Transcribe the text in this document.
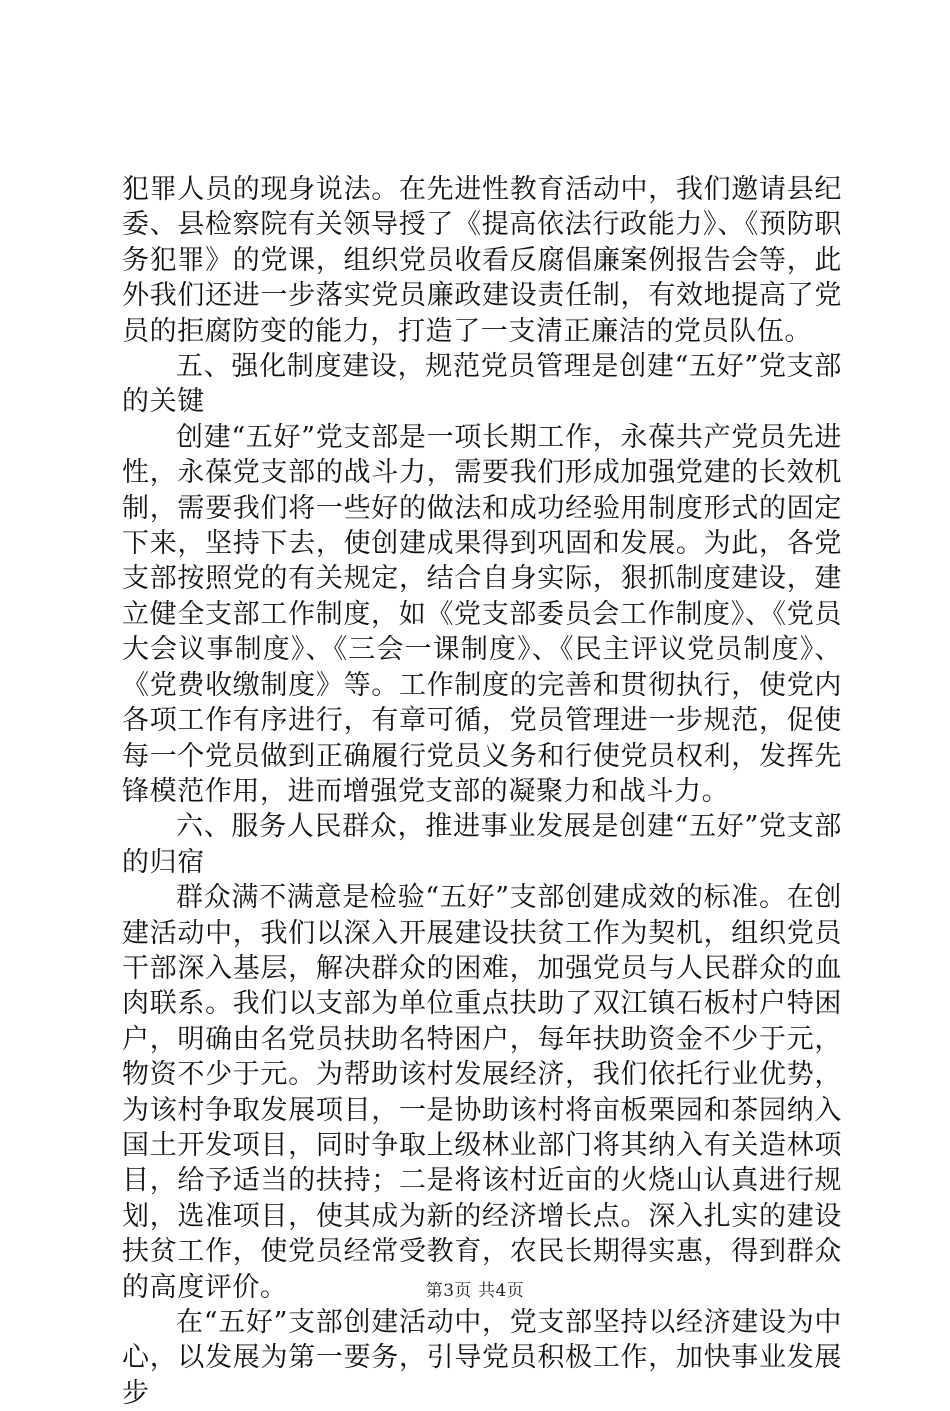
犯罪人员的现身说法。在先进性教育活动中，我们邀请县纪委、县检察院有关领导授了《提高依法行政能力》、《预防职务犯罪》的党课，组织党员收看反腐倡廉案例报告会等，此外我们还进一步落实党员廉政建设责任制，有效地提高了党员的拒腐防变的能力，打造了一支清正廉洁的党员队伍。

五、强化制度建设，规范党员管理是创建“五好”党支部的关键

创建“五好”党支部是一项长期工作，永葆共产党员先进性，永葆党支部的战斗力，需要我们形成加强党建的长效机制，需要我们将一些好的做法和成功经验用制度形式的固定下来，坚持下去，使创建成果得到巩固和发展。为此，各党支部按照党的有关规定，结合自身实际，狠抓制度建设，建立健全支部工作制度，如《党支部委员会工作制度》、《党员大会议事制度》、《三会一课制度》、《民主评议党员制度》、《党费收缴制度》等。工作制度的完善和贯彻执行，使党内各项工作有序进行，有章可循，党员管理进一步规范，促使每一个党员做到正确履行党员义务和行使党员权利，发挥先锋模范作用，进而增强党支部的凝聚力和战斗力。

六、服务人民群众，推进事业发展是创建“五好”党支部的归宿

群众满不满意是检验“五好”支部创建成效的标准。在创建活动中，我们以深入开展建设扶贫工作为契机，组织党员干部深入基层，解决群众的困难，加强党员与人民群众的血肉联系。我们以支部为单位重点扶助了双江镇石板村户特困户，明确由名党员扶助名特困户，每年扶助资金不少于元，物资不少于元。为帮助该村发展经济，我们依托行业优势，为该村争取发展项目，一是协助该村将亩板栗园和茶园纳入国土开发项目，同时争取上级林业部门将其纳入有关造林项目，给予适当的扶持；二是将该村近亩的火烧山认真进行规划，选准项目，使其成为新的经济增长点。深入扎实的建设扶贫工作，使党员经常受教育，农民长期得实惠，得到群众的高度评价。

在“五好”支部创建活动中，党支部坚持以经济建设为中心，以发展为第一要务，引导党员积极工作，加快事业发展步

第3页 共4页
